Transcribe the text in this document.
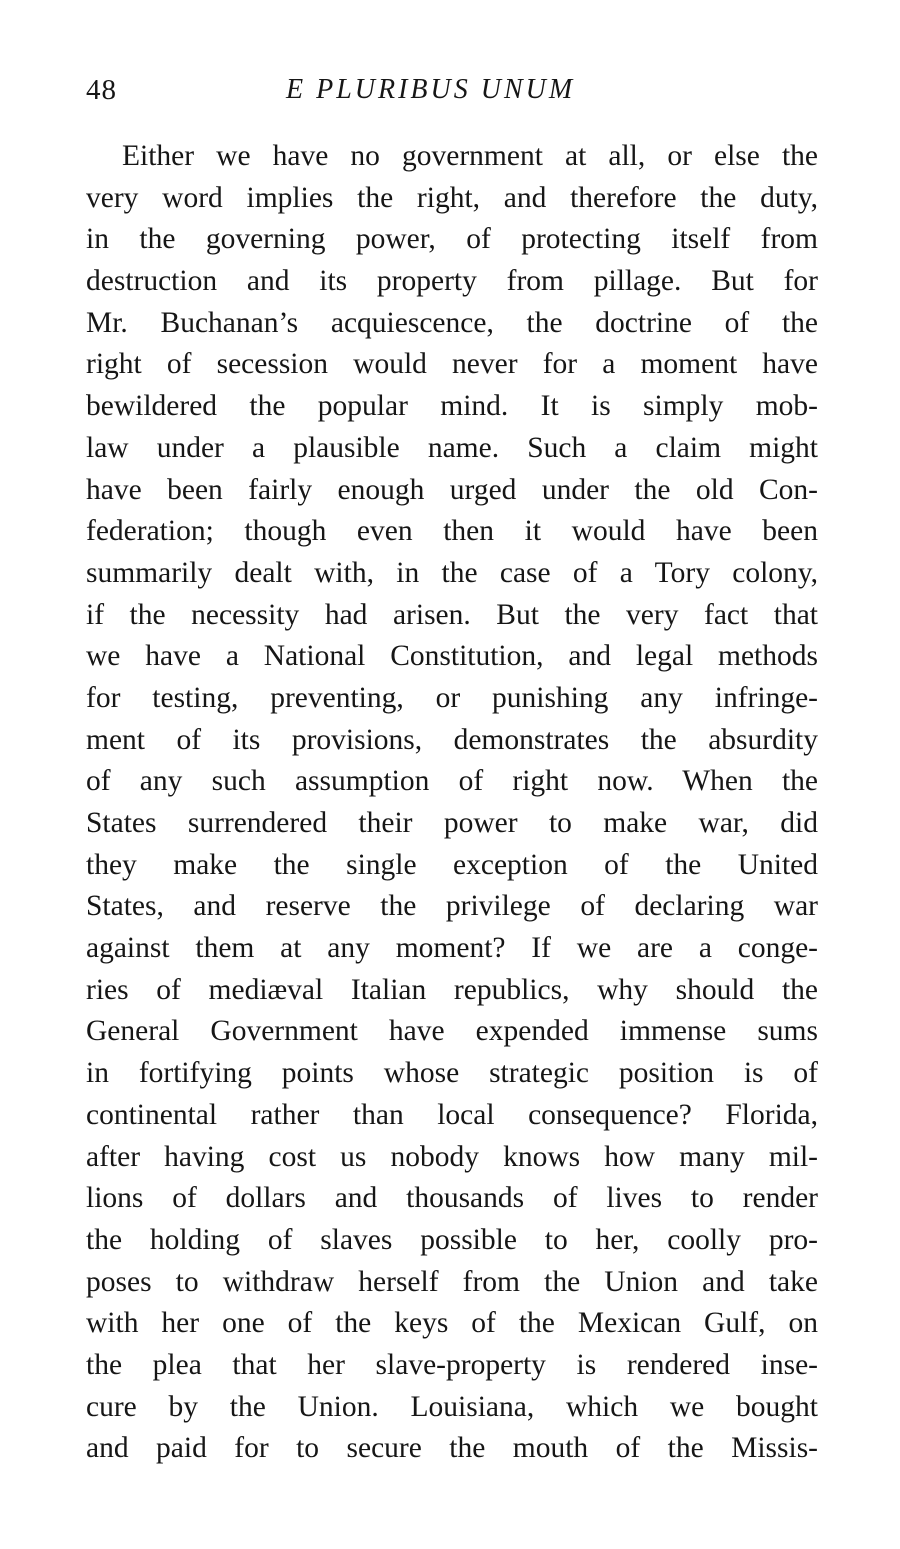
48	E PLURIBUS UNUM
Either we have no government at all, or else the
very word implies the right, and therefore the duty,
in the governing power, of protecting itself from
destruction and its property from pillage. But for
Mr. Buchanan’s acquiescence, the doctrine of the
right of secession would never for a moment have
bewildered the popular mind. It is simply mob-
law under a plausible name. Such a claim might
have been fairly enough urged under the old Con-
federation; though even then it would have been
summarily dealt with, in the case of a Tory colony,
if the necessity had arisen. But the very fact that
we have a National Constitution, and legal methods
for testing, preventing, or punishing any infringe-
ment of its provisions, demonstrates the absurdity
of any such assumption of right now. When the
States surrendered their power to make war, did
they make the single exception of the United
States, and reserve the privilege of declaring war
against them at any moment? If we are a conge-
ries of mediæval Italian republics, why should the
General Government have expended immense sums
in fortifying points whose strategic position is of
continental rather than local consequence? Florida,
after having cost us nobody knows how many mil-
lions of dollars and thousands of lives to render
the holding of slaves possible to her, coolly pro-
poses to withdraw herself from the Union and take
with her one of the keys of the Mexican Gulf, on
the plea that her slave-property is rendered inse-
cure by the Union. Louisiana, which we bought
and paid for to secure the mouth of the Missis-
